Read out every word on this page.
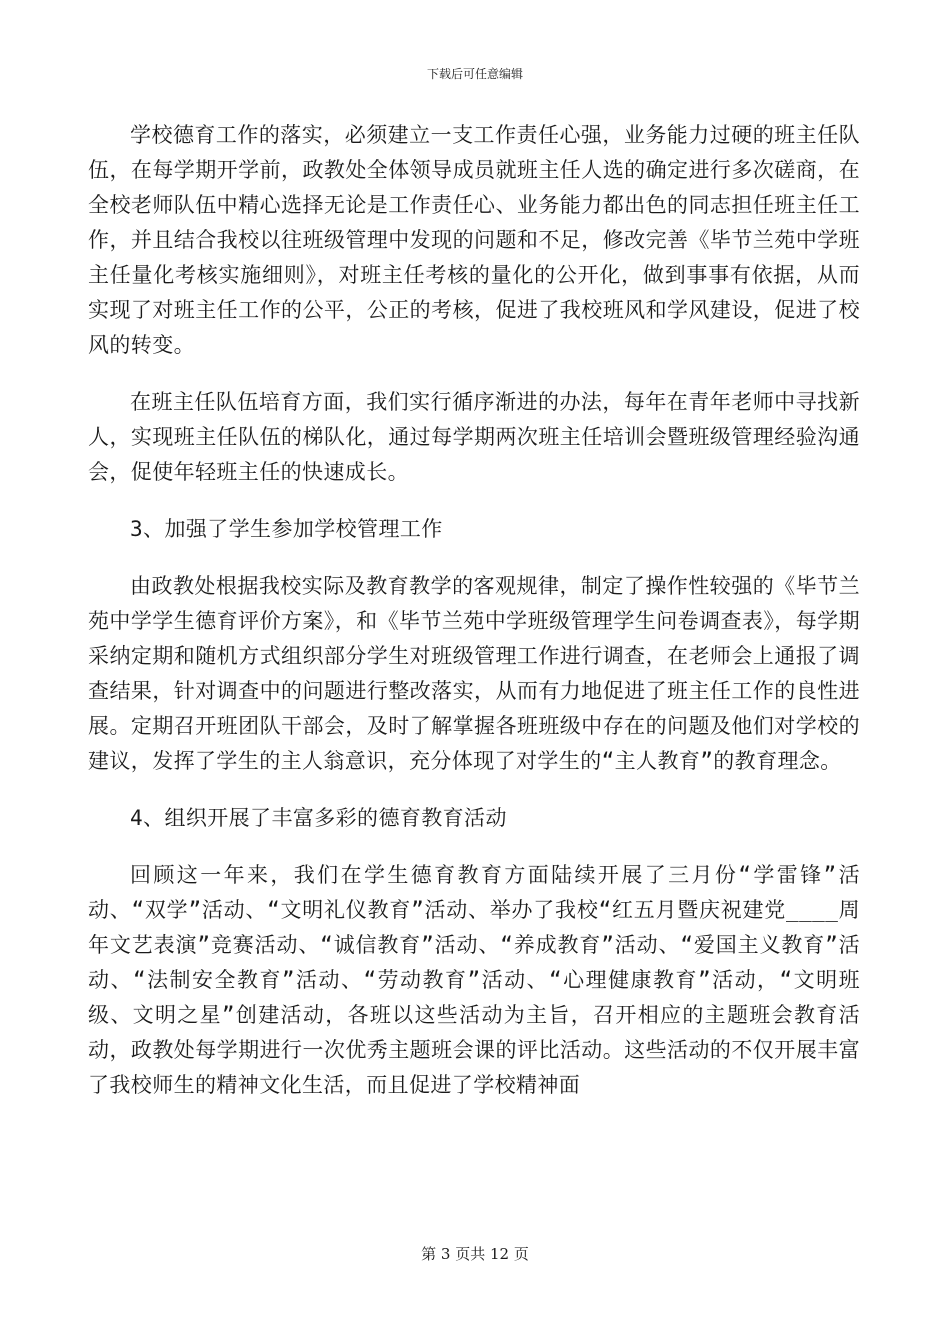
下载后可任意编辑

学校德育工作的落实，必须建立一支工作责任心强，业务能力过硬的班主任队伍，在每学期开学前，政教处全体领导成员就班主任人选的确定进行多次磋商，在全校老师队伍中精心选择无论是工作责任心、业务能力都出色的同志担任班主任工作，并且结合我校以往班级管理中发现的问题和不足，修改完善《毕节兰苑中学班主任量化考核实施细则》，对班主任考核的量化的公开化，做到事事有依据，从而实现了对班主任工作的公平，公正的考核，促进了我校班风和学风建设，促进了校风的转变。

在班主任队伍培育方面，我们实行循序渐进的办法，每年在青年老师中寻找新人，实现班主任队伍的梯队化，通过每学期两次班主任培训会暨班级管理经验沟通会，促使年轻班主任的快速成长。

3、加强了学生参加学校管理工作

由政教处根据我校实际及教育教学的客观规律，制定了操作性较强的《毕节兰苑中学学生德育评价方案》，和《毕节兰苑中学班级管理学生问卷调查表》，每学期采纳定期和随机方式组织部分学生对班级管理工作进行调查，在老师会上通报了调查结果，针对调查中的问题进行整改落实，从而有力地促进了班主任工作的良性进展。定期召开班团队干部会，及时了解掌握各班班级中存在的问题及他们对学校的建议，发挥了学生的主人翁意识，充分体现了对学生的“主人教育”的教育理念。

4、组织开展了丰富多彩的德育教育活动

回顾这一年来，我们在学生德育教育方面陆续开展了三月份“学雷锋”活动、“双学”活动、“文明礼仪教育”活动、举办了我校“红五月暨庆祝建党____周年文艺表演”竞赛活动、“诚信教育”活动、“养成教育”活动、“爱国主义教育”活动、“法制安全教育”活动、“劳动教育”活动、“心理健康教育”活动，“文明班级、文明之星”创建活动，各班以这些活动为主旨，召开相应的主题班会教育活动，政教处每学期进行一次优秀主题班会课的评比活动。这些活动的不仅开展丰富了我校师生的精神文化生活，而且促进了学校精神面

第 3 页共 12 页
